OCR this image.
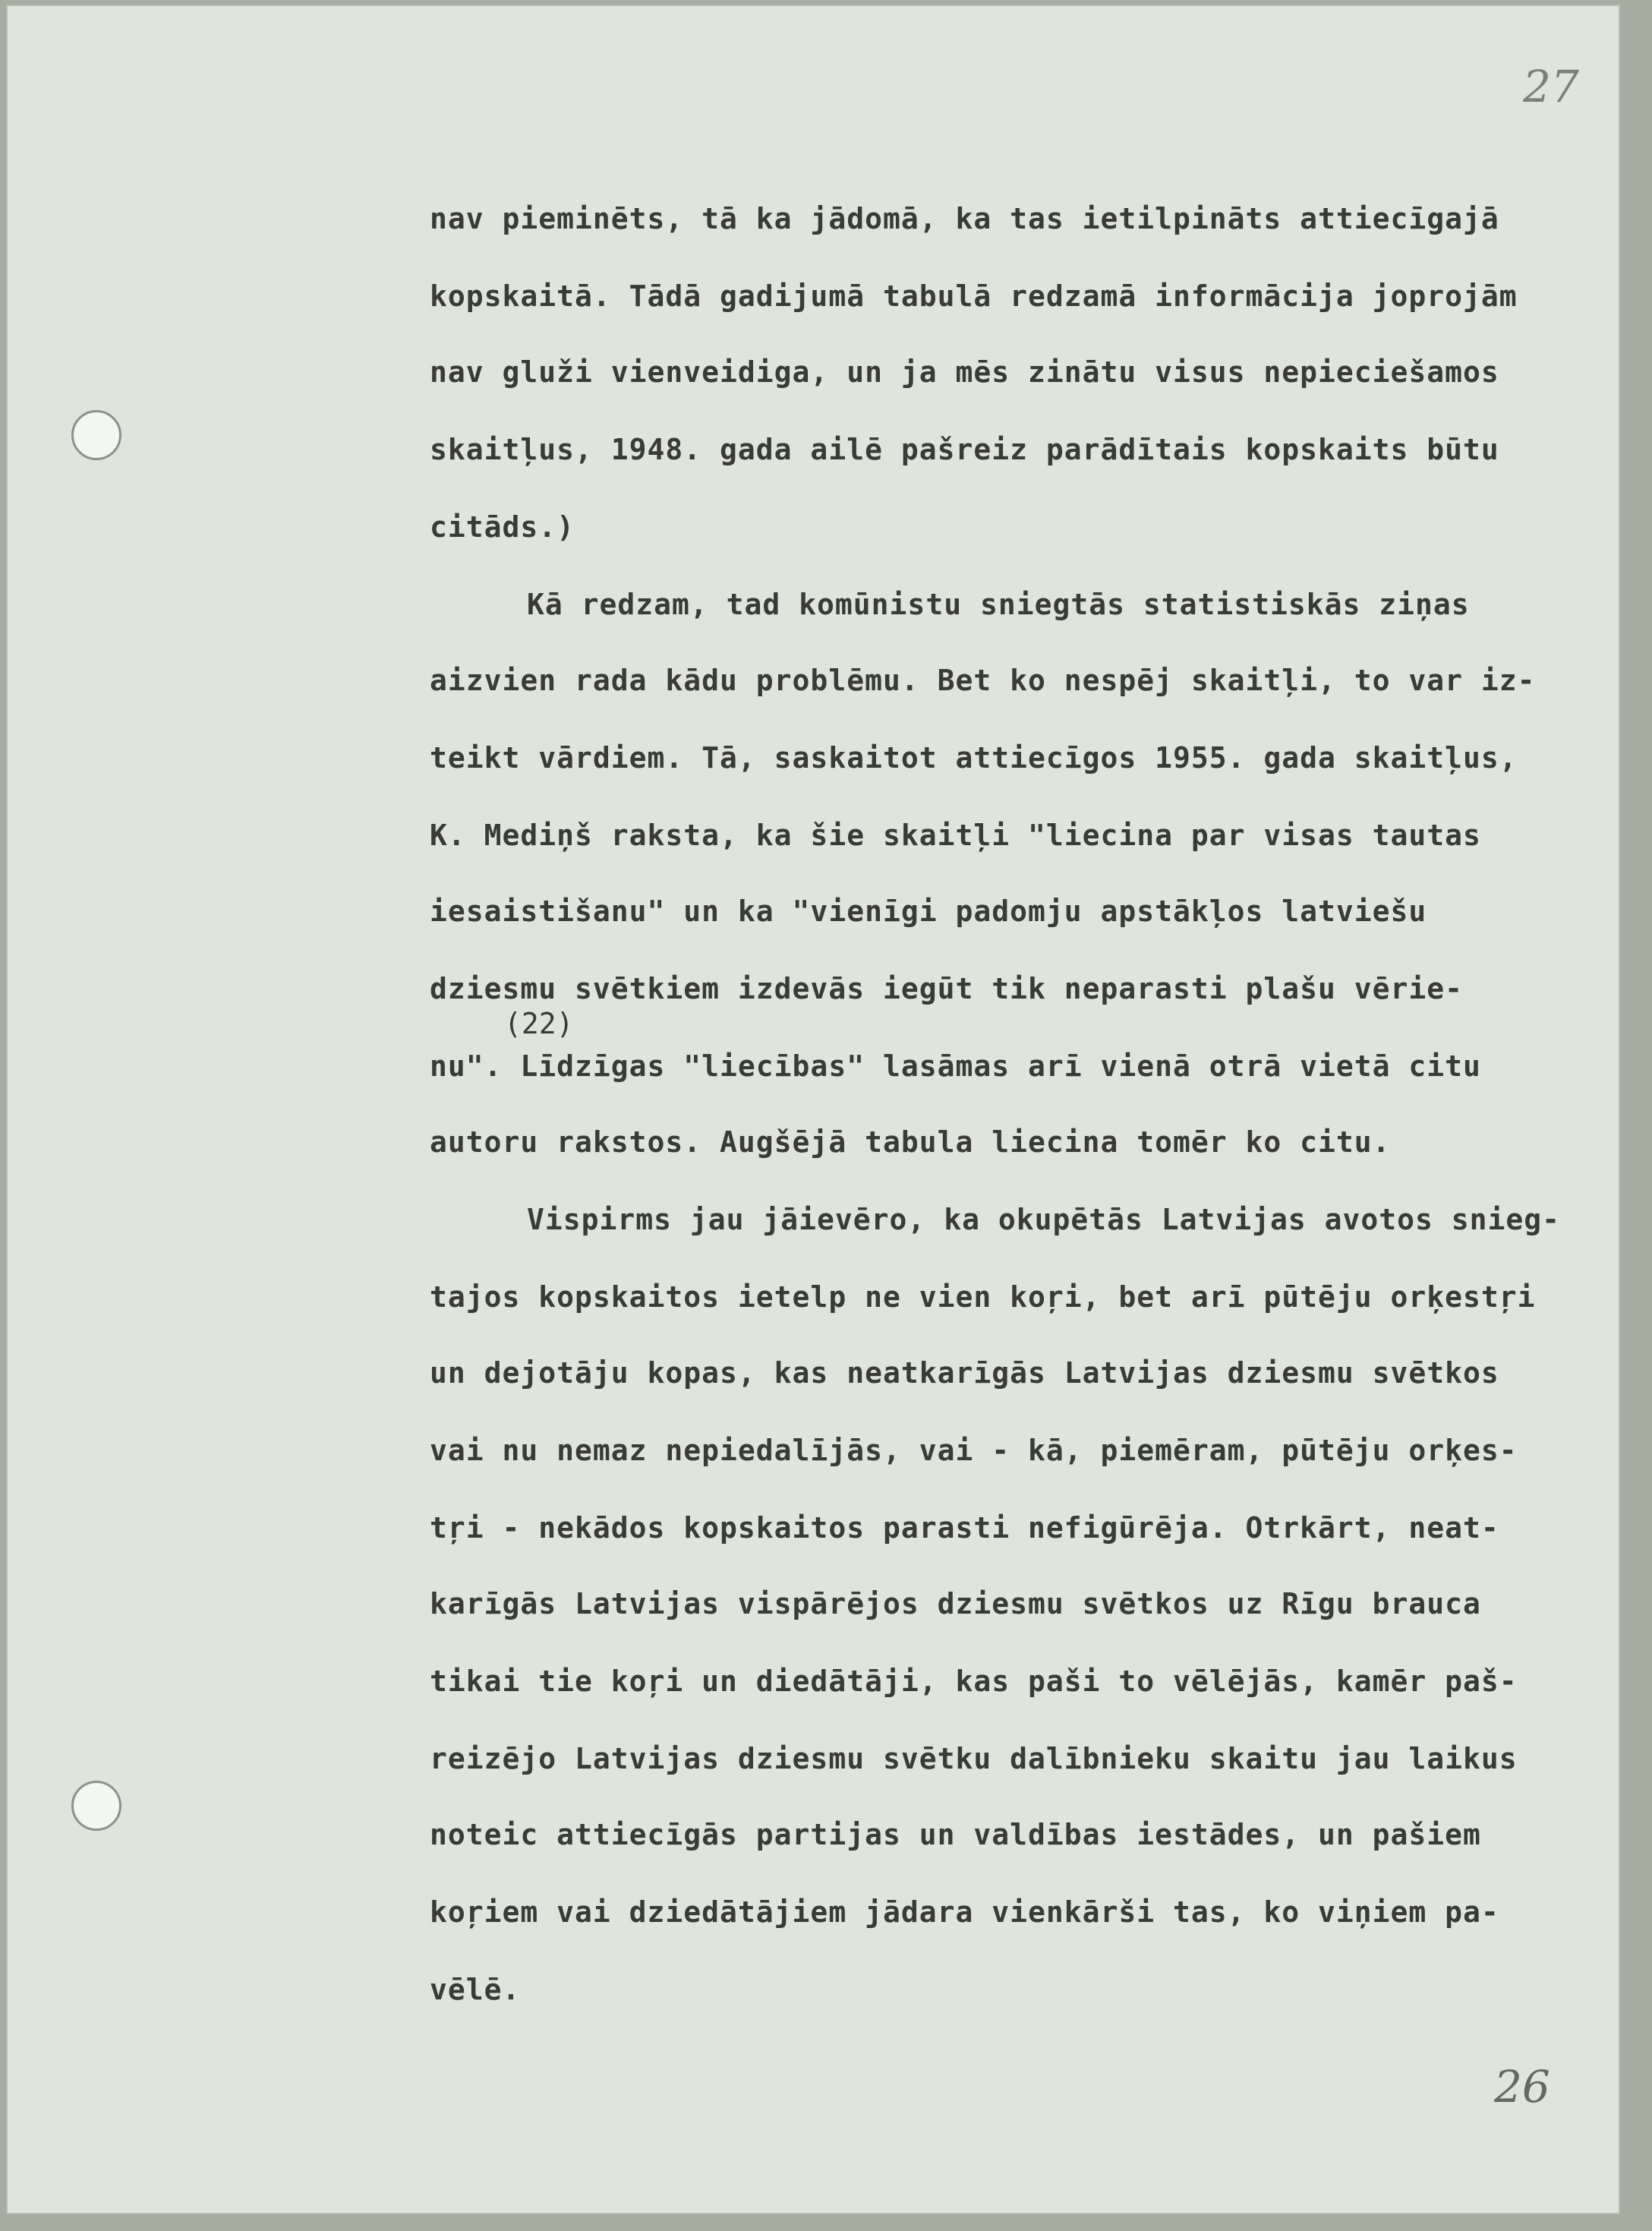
27
26
nav pieminēts, tā ka jādomā, ka tas ietilpināts attiecīgajā
kopskaitā. Tādā gadijumā tabulā redzamā informācija joprojām
nav gluži vienveidiga, un ja mēs zinātu visus nepieciešamos
skaitļus, 1948. gada ailē pašreiz parādītais kopskaits būtu
citāds.)
Kā redzam, tad komūnistu sniegtās statistiskās ziņas
aizvien rada kādu problēmu. Bet ko nespēj skaitļi, to var iz-
teikt vārdiem. Tā, saskaitot attiecīgos 1955. gada skaitļus,
K. Mediņš raksta, ka šie skaitļi "liecina par visas tautas
iesaistišanu" un ka "vienīgi padomju apstākļos latviešu
dziesmu svētkiem izdevās iegūt tik neparasti plašu vērie-
(22)
nu". Līdzīgas "liecības" lasāmas arī vienā otrā vietā citu
autoru rakstos. Augšējā tabula liecina tomēr ko citu.
Vispirms jau jāievēro, ka okupētās Latvijas avotos snieg-
tajos kopskaitos ietelp ne vien koŗi, bet arī pūtēju orķestŗi
un dejotāju kopas, kas neatkarīgās Latvijas dziesmu svētkos
vai nu nemaz nepiedalījās, vai - kā, piemēram, pūtēju orķes-
tŗi - nekādos kopskaitos parasti nefigūrēja. Otrkārt, neat-
karīgās Latvijas vispārējos dziesmu svētkos uz Rīgu brauca
tikai tie koŗi un diedātāji, kas paši to vēlējās, kamēr paš-
reizējo Latvijas dziesmu svētku dalībnieku skaitu jau laikus
noteic attiecīgās partijas un valdības iestādes, un pašiem
koŗiem vai dziedātājiem jādara vienkārši tas, ko viņiem pa-
vēlē.
